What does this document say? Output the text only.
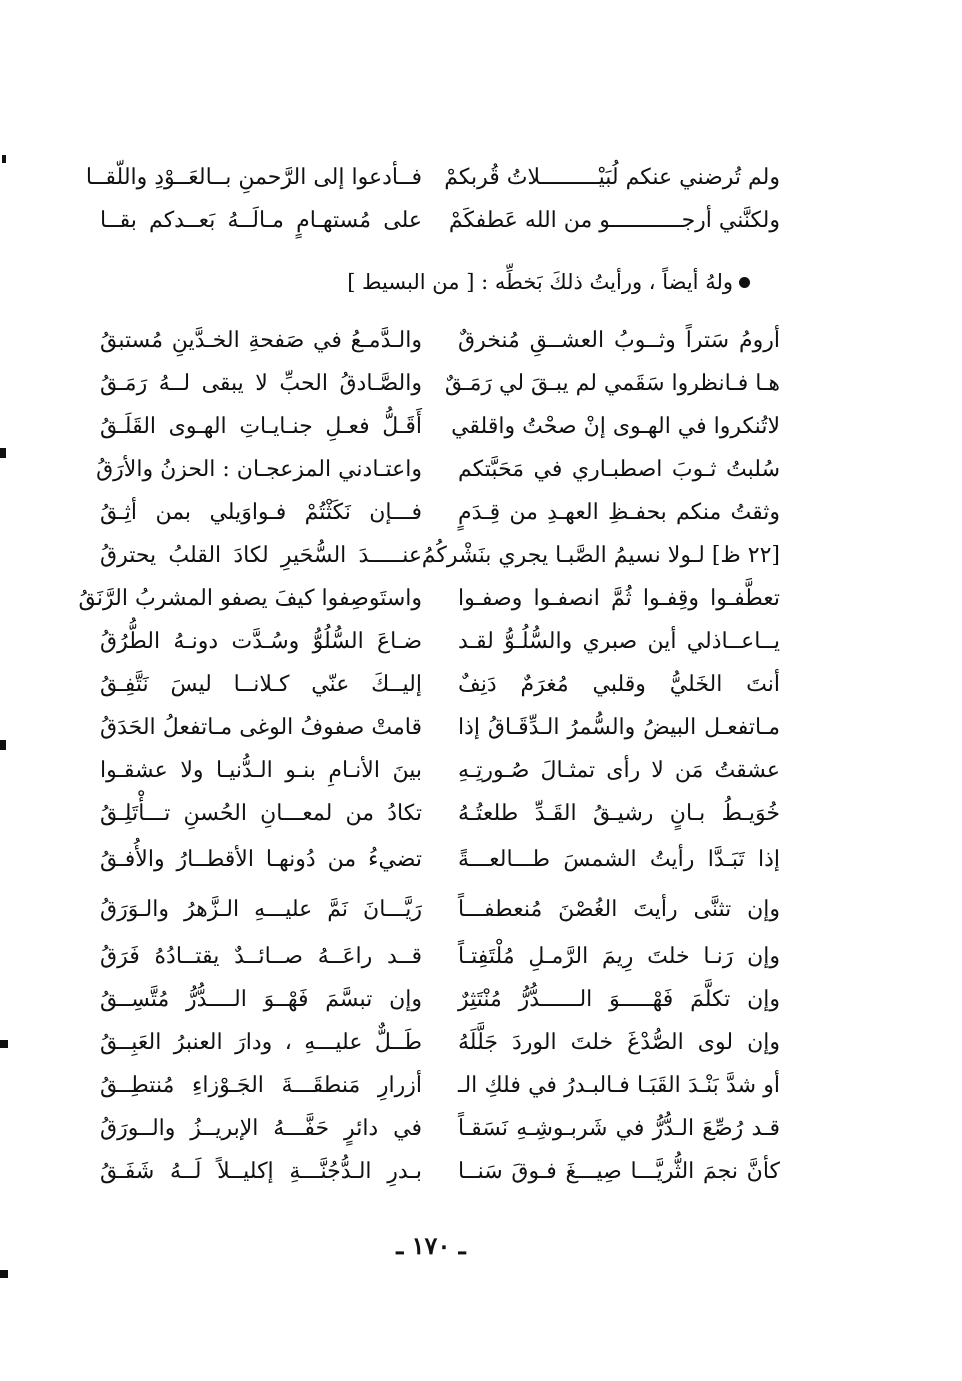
ولم تُرضني عنكم لُبَيْـــــــــلاتُ قُربكمْ
فــأدعوا إلى الرَّحمنِ بــالعَــوْدِ واللّقــا
ولكنَّني أرجـــــــــــو من الله عَطفكَمْ
على مُستهـامٍ مـالَــهُ بَعــدكم بقــا
ولهُ أيضاً ، ورأيتُ ذلكَ بَخطِّه : [ من البسيط ]
أرومُ سَتراً وثــوبُ العشــقِ مُنخرقٌ
والـدَّمـعُ في صَفحةِ الخـدَّينِ مُستبقُ
هـا فـانظروا سَقَمي لم يبـقَ لي رَمَـقٌ
والصَّـادقُ الحبِّ لا يبقى لــهُ رَمَـقُ
لاتُنكروا في الهـوى إنْ صحْتُ واقلقي
أَقَـلُّ فعـلِ جنـايـاتِ الهـوى القَلَـقُ
سُلبتُ ثـوبَ اصطبـاري في مَحَبَّتكم
واعتـادني المزعجـان : الحزنُ والأرَقُ
وثقتُ منكم بحفـظِ العهـدِ من قِـدَمٍ
فـــإن نَكَثْتُمْ فـواوَيلي بمن أثِـقُ
[٢٢ ظ] لـولا نسيمُ الصَّبـا يجري بنَشْركُمُ
عنـــــدَ السُّحَيرِ لكادَ القلبُ يحترقُ
تعطَّفـوا وقِفـوا ثُمَّ انصفـوا وصفـوا
واستَوصِفوا كيفَ يصفو المشربُ الرَّنَقُ
يــاعــاذلي أين صبري والسُّلُـوُّ لقـد
ضـاعَ السُّلُوُّ وسُـدَّت دونـهُ الطُّرُقُ
أنتَ الخَليُّ وقلبي مُغرَمٌ دَنِفٌ
إليــكَ عنّي كـلانــا ليسَ نَتَّفِـقُ
مـاتفعـل البيضُ والسُّمرُ الـدِّقَـاقُ إذا
قامتْ صفوفُ الوغى مـاتفعلُ الحَدَقُ
عشقتُ مَن لا رأى تمثـالَ صُـورتِـهِ
بينَ الأنـامِ بنـو الـدُّنيـا ولا عشقـوا
خُوَيـطُ بـانٍ رشيـقُ القَـدِّ طلعتُـهُ
تكادُ من لمعـــانِ الحُسنِ تـــأْتَلِـقُ
إذا تَبَـدَّا رأيتُ الشمسَ طـــالعـــةً
تضيءُ من دُونهـا الأقطــارُ والأُفـقُ
وإن تثنَّى رأيتَ الغُصْنَ مُنعطفـــاً
رَيَّـــانَ نَمَّ عليـــهِ الـزَّهرُ والـوَرَقُ
وإن رَنـا خلتَ رِيمَ الرَّمـلِ مُلْتَفِتـاً
قــد راعَــهُ صــائــدٌ يقتــادُهُ فَرَقُ
وإن تكلَّمَ فَهْـــــوَ الــــــدُّرُّ مُنْتَثِرٌ
وإن تبسَّمَ فَهْــوَ الــــدُّرُّ مُتَّسِــقُ
وإن لوى الصُّدْغَ خلتَ الوردَ جَلَّلَهُ
طَــلٌّ عليـــهِ ، ودارَ العنبرُ العَبِــقُ
أو شدَّ بَنْـدَ القَبَـا فـالبـدرُ في فلكِ الـ
أزرارِ مَنطقَـــةَ الجَـوْزاءِ مُنتطِــقُ
قـد رُصِّعَ الـدُّرُّ في شَربـوشِـهِ نَسَقـاً
في دائرٍ حَفَّـــهُ الإبريــزُ والــورَقُ
كأنَّ نجمَ الثُّريَّـــا صِيـــغَ فـوقَ سَنــا
بـدرِ الـدُّجُنَّـــةِ إكليــلاً لَــهُ شَفَـقُ
ـ ١٧٠ ـ
